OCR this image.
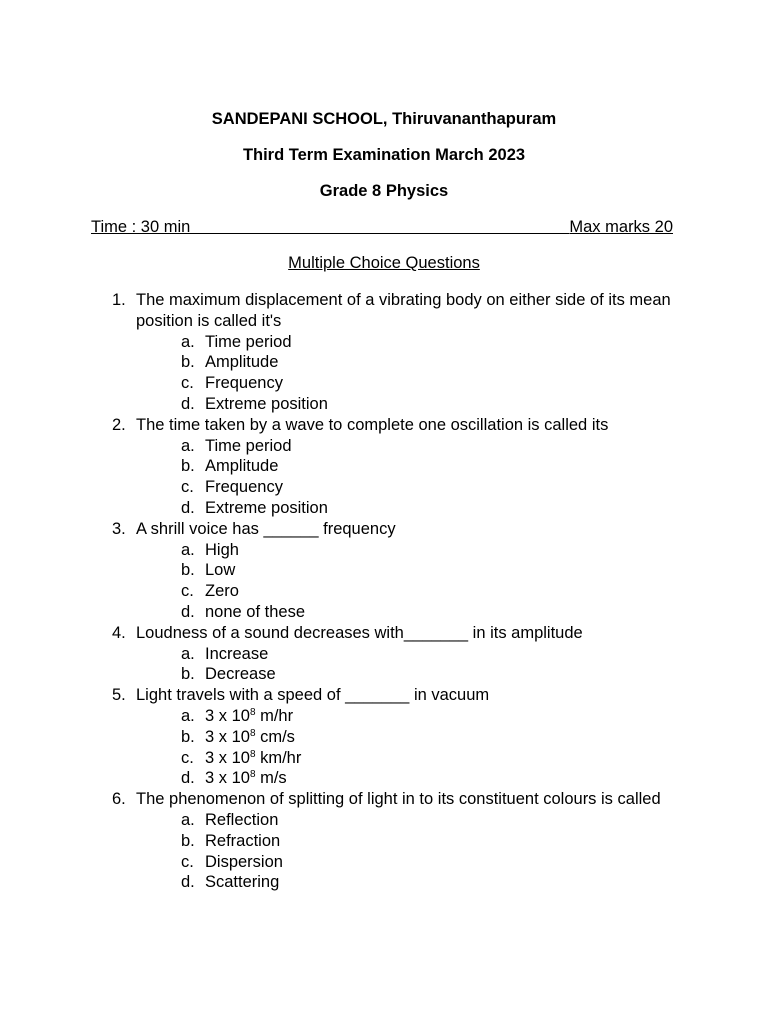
SANDEPANI SCHOOL, Thiruvananthapuram
Third Term Examination March 2023
Grade 8 Physics
Time : 30 min	Max marks 20
Multiple Choice Questions
1. The maximum displacement of a vibrating body on either side of its mean position is called it's
a. Time period
b. Amplitude
c. Frequency
d. Extreme position
2. The time taken by a wave to complete one oscillation is called its
a. Time period
b. Amplitude
c. Frequency
d. Extreme position
3. A shrill voice has ______ frequency
a. High
b. Low
c. Zero
d. none of these
4. Loudness of a sound decreases with_______ in its amplitude
a. Increase
b. Decrease
5. Light travels with a speed of _______ in vacuum
a. 3 x $10^8$ m/hr
b. 3 x $10^8$ cm/s
c. 3 x $10^8$ km/hr
d. 3 x $10^8$ m/s
6. The phenomenon of splitting of light in to its constituent colours is called
a. Reflection
b. Refraction
c. Dispersion
d. Scattering
